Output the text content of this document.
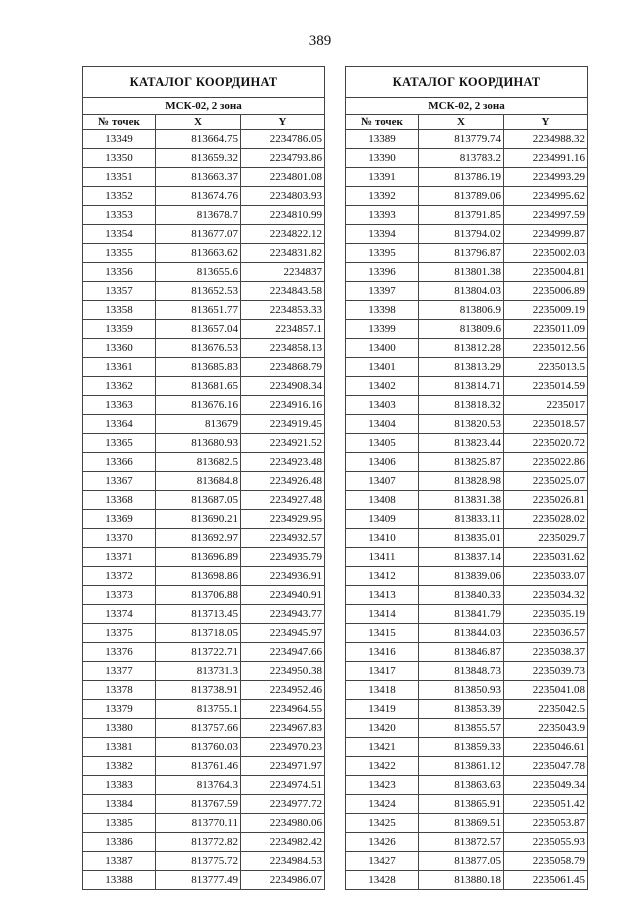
389
КАТАЛОГ КООРДИНАТ		
МСК-02, 2 зона		
№ точек	X	Y
13349	813664.75	2234786.05
13350	813659.32	2234793.86
13351	813663.37	2234801.08
13352	813674.76	2234803.93
13353	813678.7	2234810.99
13354	813677.07	2234822.12
13355	813663.62	2234831.82
13356	813655.6	2234837
13357	813652.53	2234843.58
13358	813651.77	2234853.33
13359	813657.04	2234857.1
13360	813676.53	2234858.13
13361	813685.83	2234868.79
13362	813681.65	2234908.34
13363	813676.16	2234916.16
13364	813679	2234919.45
13365	813680.93	2234921.52
13366	813682.5	2234923.48
13367	813684.8	2234926.48
13368	813687.05	2234927.48
13369	813690.21	2234929.95
13370	813692.97	2234932.57
13371	813696.89	2234935.79
13372	813698.86	2234936.91
13373	813706.88	2234940.91
13374	813713.45	2234943.77
13375	813718.05	2234945.97
13376	813722.71	2234947.66
13377	813731.3	2234950.38
13378	813738.91	2234952.46
13379	813755.1	2234964.55
13380	813757.66	2234967.83
13381	813760.03	2234970.23
13382	813761.46	2234971.97
13383	813764.3	2234974.51
13384	813767.59	2234977.72
13385	813770.11	2234980.06
13386	813772.82	2234982.42
13387	813775.72	2234984.53
13388	813777.49	2234986.07
КАТАЛОГ КООРДИНАТ		
МСК-02, 2 зона		
№ точек	X	Y
13389	813779.74	2234988.32
13390	813783.2	2234991.16
13391	813786.19	2234993.29
13392	813789.06	2234995.62
13393	813791.85	2234997.59
13394	813794.02	2234999.87
13395	813796.87	2235002.03
13396	813801.38	2235004.81
13397	813804.03	2235006.89
13398	813806.9	2235009.19
13399	813809.6	2235011.09
13400	813812.28	2235012.56
13401	813813.29	2235013.5
13402	813814.71	2235014.59
13403	813818.32	2235017
13404	813820.53	2235018.57
13405	813823.44	2235020.72
13406	813825.87	2235022.86
13407	813828.98	2235025.07
13408	813831.38	2235026.81
13409	813833.11	2235028.02
13410	813835.01	2235029.7
13411	813837.14	2235031.62
13412	813839.06	2235033.07
13413	813840.33	2235034.32
13414	813841.79	2235035.19
13415	813844.03	2235036.57
13416	813846.87	2235038.37
13417	813848.73	2235039.73
13418	813850.93	2235041.08
13419	813853.39	2235042.5
13420	813855.57	2235043.9
13421	813859.33	2235046.61
13422	813861.12	2235047.78
13423	813863.63	2235049.34
13424	813865.91	2235051.42
13425	813869.51	2235053.87
13426	813872.57	2235055.93
13427	813877.05	2235058.79
13428	813880.18	2235061.45
